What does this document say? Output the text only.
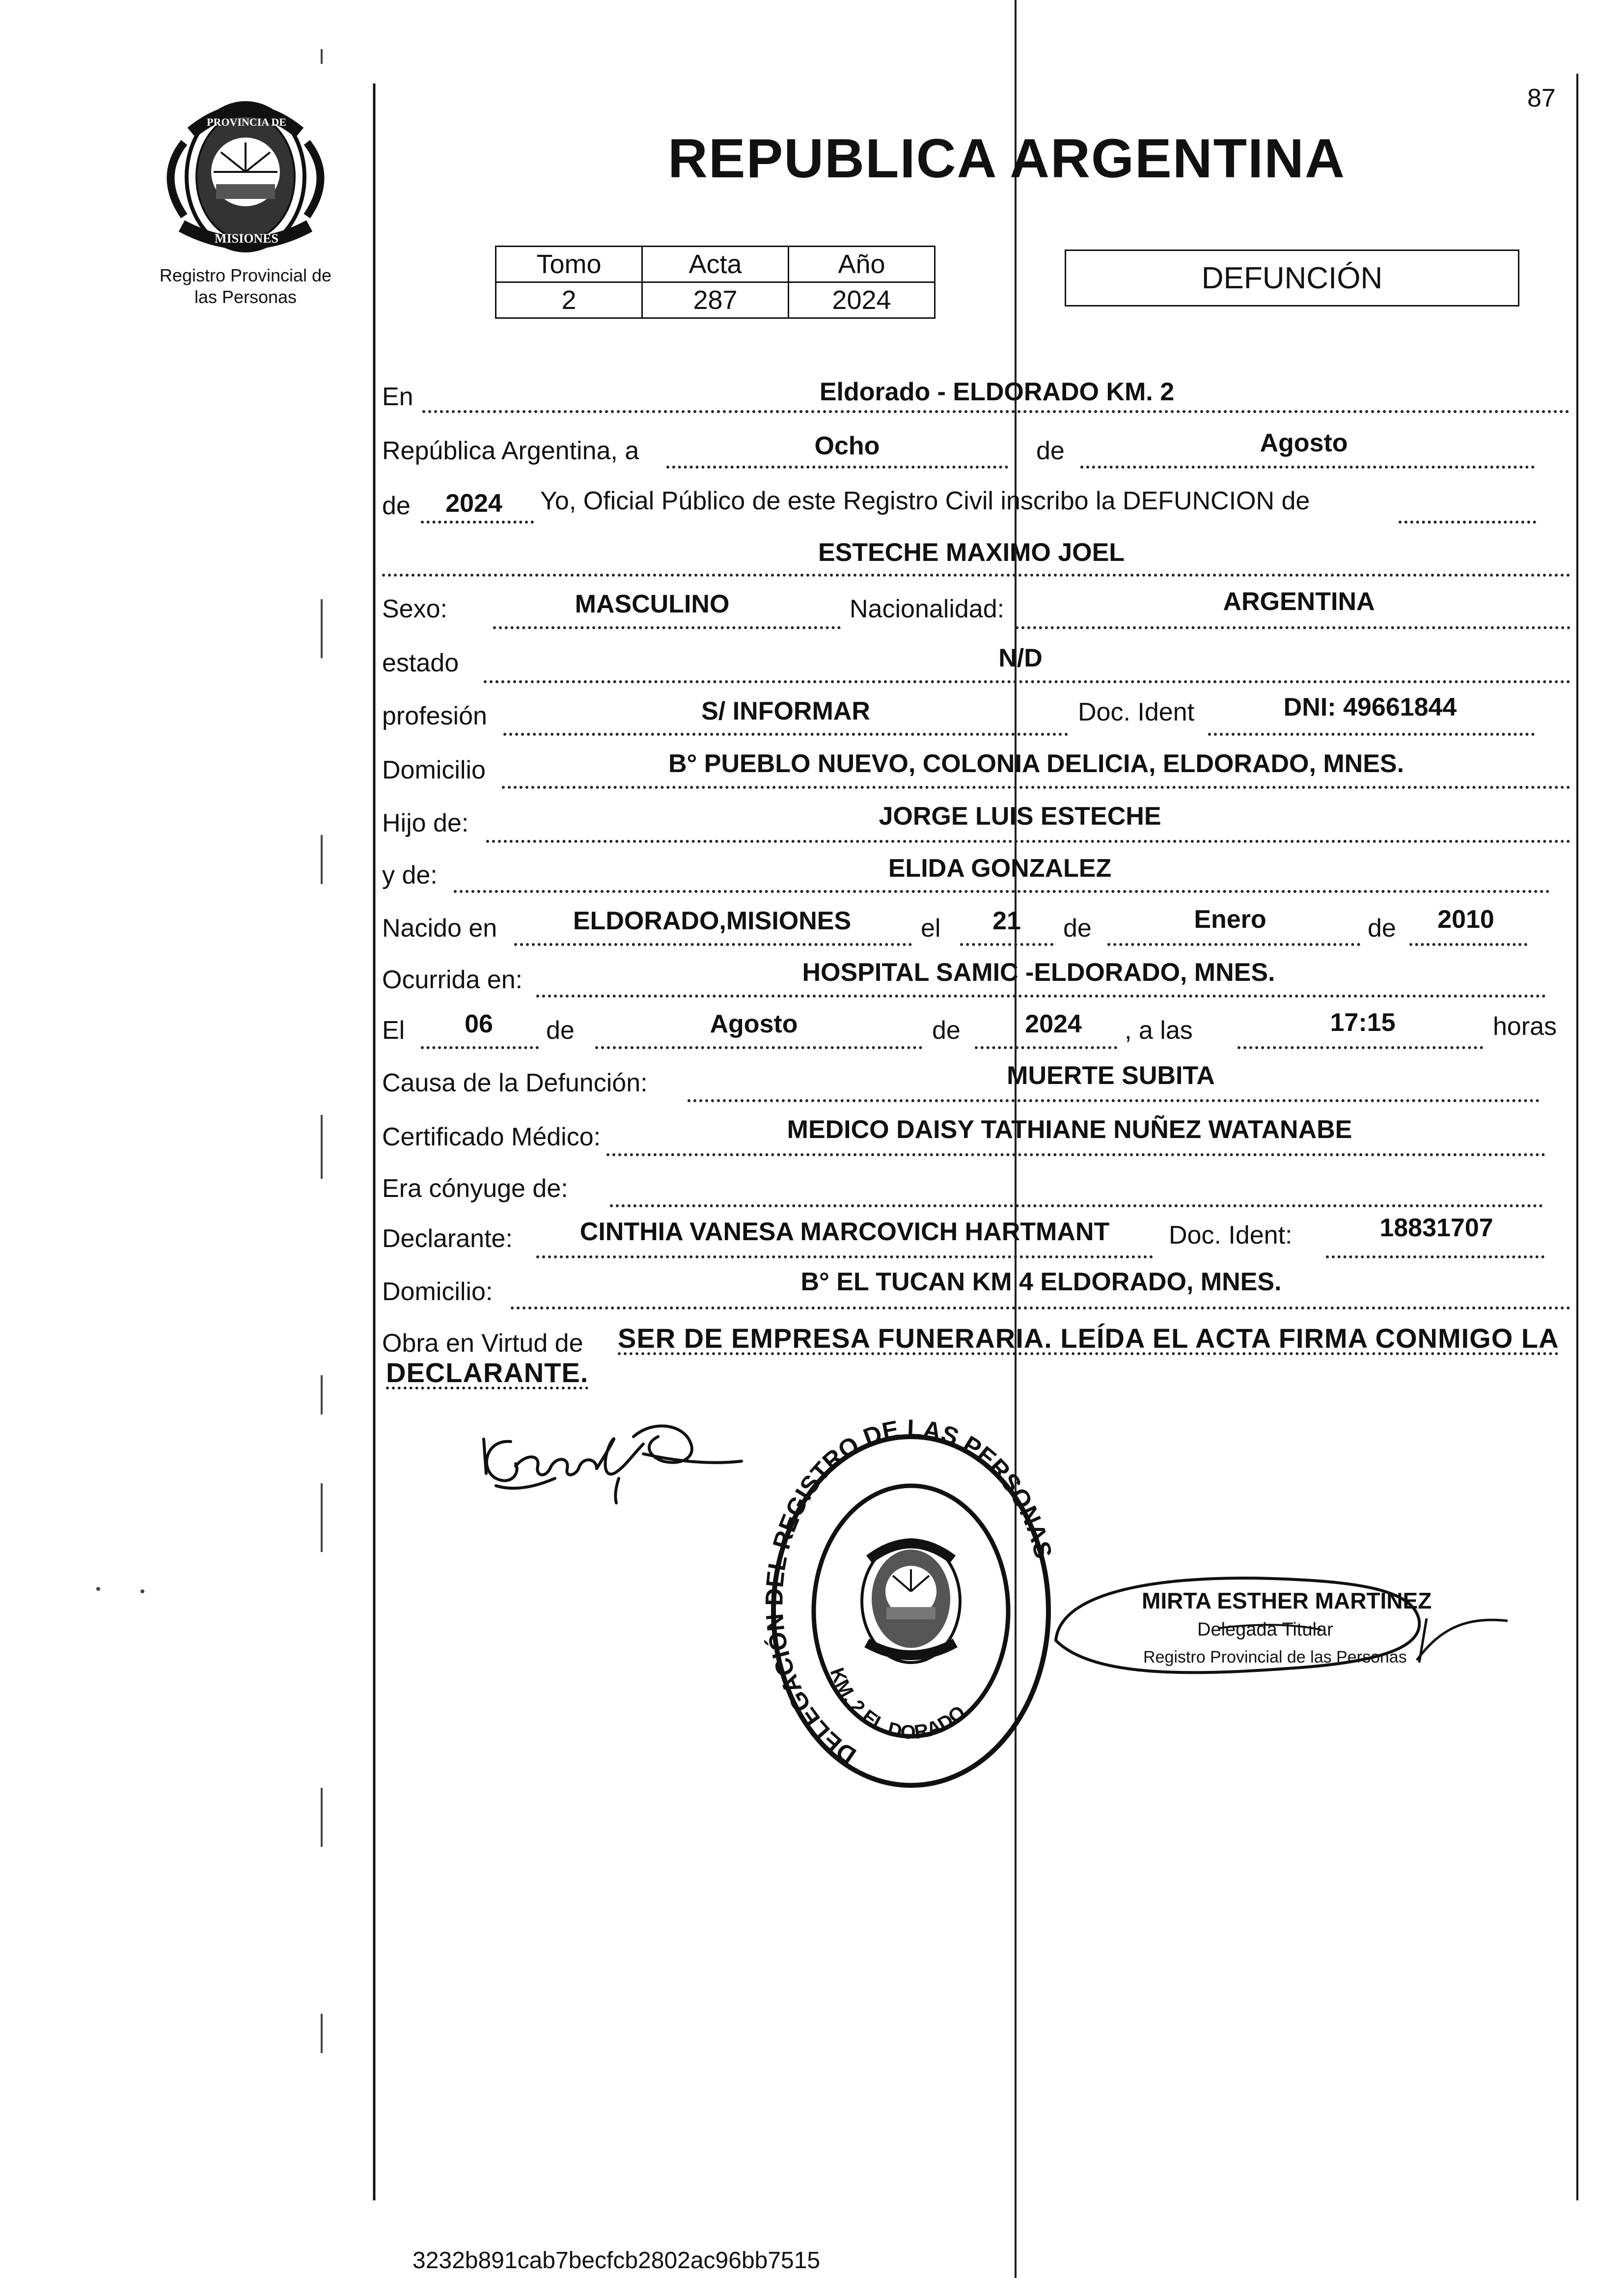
87
PROVINCIA DE
MISIONES
Registro Provincial de
las Personas
REPUBLICA ARGENTINA
Tomo	Acta	Año
2	287	2024
DEFUNCIÓN
En	Eldorado - ELDORADO KM. 2
República Argentina, a	Ocho	de	Agosto
de 2024 Yo, Oficial Público de este Registro Civil inscribo la DEFUNCION de
ESTECHE MAXIMO JOEL
Sexo:	MASCULINO	Nacionalidad:	ARGENTINA
estado	N/D
profesión	S/ INFORMAR	Doc. Ident	DNI: 49661844
Domicilio	B° PUEBLO NUEVO, COLONIA DELICIA, ELDORADO, MNES.
Hijo de:	JORGE LUIS ESTECHE
y de:	ELIDA GONZALEZ
Nacido en	ELDORADO,MISIONES	el 21 de	Enero	de 2010
Ocurrida en:	HOSPITAL SAMIC -ELDORADO, MNES.
El 06 de	Agosto	de	2024 , a las	17:15	horas
Causa de la Defunción:	MUERTE SUBITA
Certificado Médico:	MEDICO DAISY TATHIANE NUÑEZ WATANABE
Era cónyuge de:
Declarante:	CINTHIA VANESA MARCOVICH HARTMANT Doc. Ident:	18831707
Domicilio:	B° EL TUCAN KM 4 ELDORADO, MNES.
Obra en Virtud de SER DE EMPRESA FUNERARIA. LEÍDA EL ACTA FIRMA CONMIGO LA
DECLARANTE.
DELEGACIÓN DEL REGISTRO DE LAS PERSONAS
KM. 2 EL DORADO
MIRTA ESTHER MARTINEZ
Delegada Titular
Registro Provincial de las Personas
3232b891cab7becfcb2802ac96bb7515
